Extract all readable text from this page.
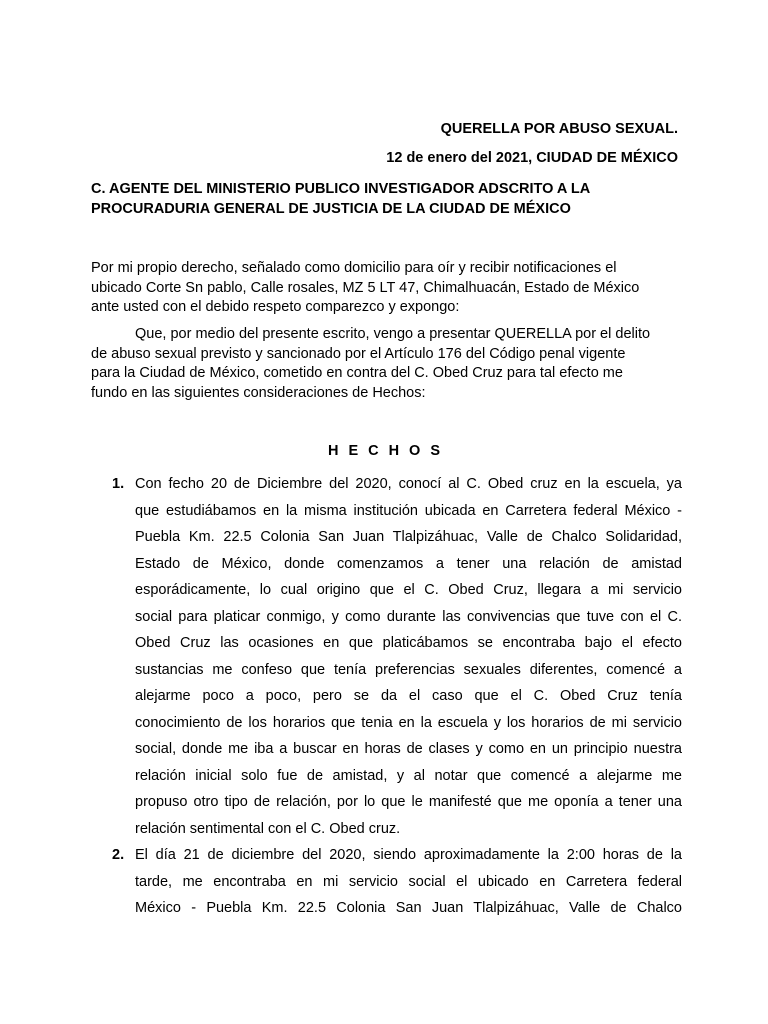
QUERELLA POR ABUSO SEXUAL.
12 de enero del 2021, CIUDAD DE MÉXICO
C. AGENTE DEL MINISTERIO PUBLICO INVESTIGADOR ADSCRITO A LA
PROCURADURIA GENERAL DE JUSTICIA DE LA CIUDAD DE MÉXICO
Por mi propio derecho, señalado como domicilio para oír y recibir notificaciones el
ubicado Corte Sn pablo, Calle rosales, MZ 5 LT 47, Chimalhuacán, Estado de México
ante usted con el debido respeto comparezco y expongo:
Que, por medio del presente escrito, vengo a presentar QUERELLA por el delito
de abuso sexual previsto y sancionado por el Artículo 176 del Código penal vigente
para la Ciudad de México, cometido en contra del C. Obed Cruz para tal efecto me
fundo en las siguientes consideraciones de Hechos:
HECHOS
1. Con fecho 20 de Diciembre del 2020, conocí al C. Obed cruz en la escuela, ya
que estudiábamos en la misma institución ubicada en Carretera federal México -
Puebla Km. 22.5 Colonia San Juan Tlalpizáhuac, Valle de Chalco Solidaridad,
Estado de México, donde comenzamos a tener una relación de amistad
esporádicamente, lo cual origino que el C. Obed Cruz, llegara a mi servicio
social para platicar conmigo, y como durante las convivencias que tuve con el C.
Obed Cruz las ocasiones en que platicábamos se encontraba bajo el efecto
sustancias me confeso que tenía preferencias sexuales diferentes, comencé a
alejarme poco a poco, pero se da el caso que el C. Obed Cruz tenía
conocimiento de los horarios que tenia en la escuela y los horarios de mi servicio
social, donde me iba a buscar en horas de clases y como en un principio nuestra
relación inicial solo fue de amistad, y al notar que comencé a alejarme me
propuso otro tipo de relación, por lo que le manifesté que me oponía a tener una
relación sentimental con el C. Obed cruz.
2. El día 21 de diciembre del 2020, siendo aproximadamente la 2:00 horas de la
tarde, me encontraba en mi servicio social el ubicado en Carretera federal
México - Puebla Km. 22.5 Colonia San Juan Tlalpizáhuac, Valle de Chalco
